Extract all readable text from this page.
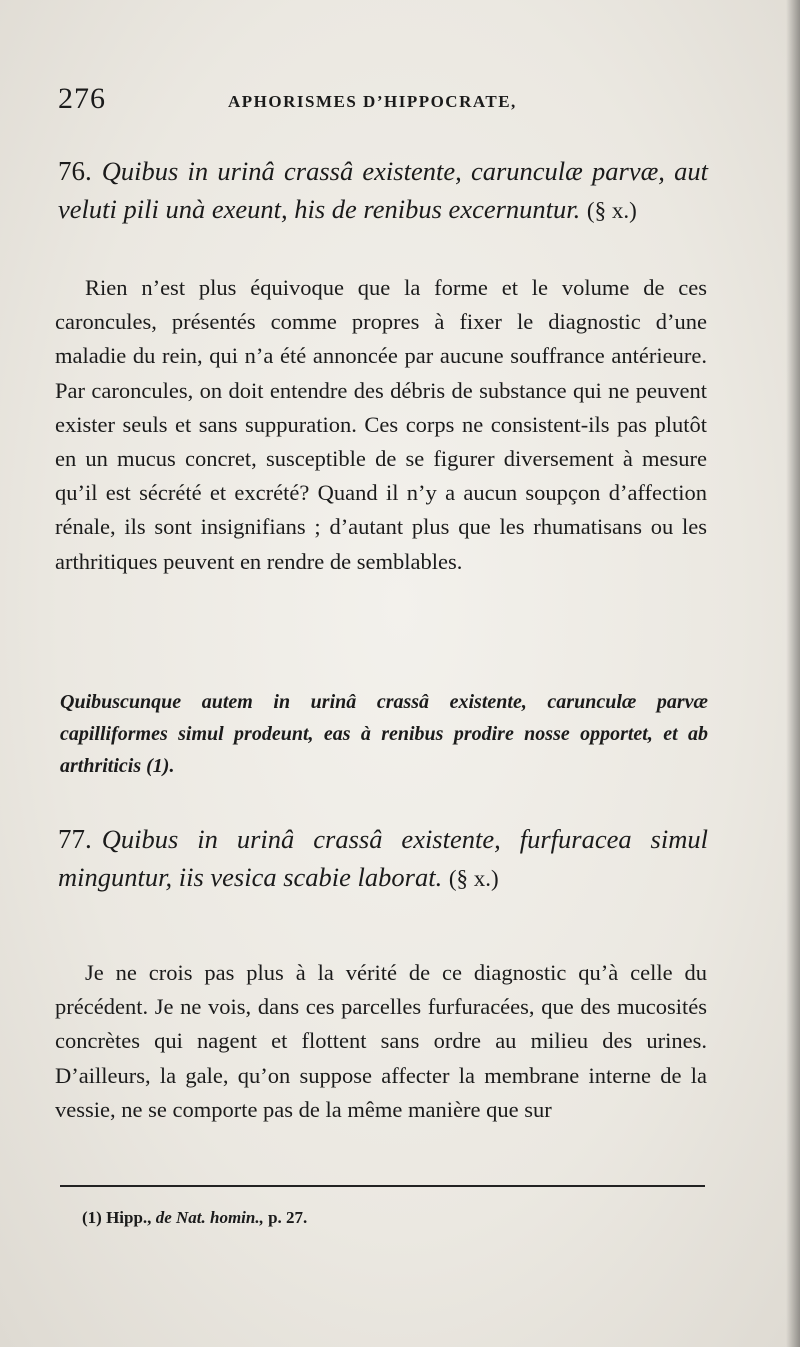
276	APHORISMES D’HIPPOCRATE,
76. Quibus in urinâ crassâ existente, carunculæ parvæ, aut veluti pili unà exeunt, his de renibus excernuntur. (§ x.)

Rien n’est plus équivoque que la forme et le volume de ces caroncules, présentés comme propres à fixer le diagnostic d’une maladie du rein, qui n’a été annoncée par aucune souffrance antérieure. Par caroncules, on doit entendre des débris de substance qui ne peuvent exister seuls et sans suppuration. Ces corps ne consistent-ils pas plutôt en un mucus concret, susceptible de se figurer diversement à mesure qu’il est sécrété et excrété? Quand il n’y a aucun soupçon d’affection rénale, ils sont insignifians ; d’autant plus que les rhumatisans ou les arthritiques peuvent en rendre de semblables.

Quibuscunque autem in urinâ crassâ existente, carunculæ parvæ capilliformes simul prodeunt, eas à renibus prodire nosse opportet, et ab arthriticis (1).

77. Quibus in urinâ crassâ existente, furfuracea simul minguntur, iis vesica scabie laborat. (§ x.)

Je ne crois pas plus à la vérité de ce diagnostic qu’à celle du précédent. Je ne vois, dans ces parcelles furfuracées, que des mucosités concrètes qui nagent et flottent sans ordre au milieu des urines. D’ailleurs, la gale, qu’on suppose affecter la membrane interne de la vessie, ne se comporte pas de la même manière que sur

(1) Hipp., de Nat. homin., p. 27.
